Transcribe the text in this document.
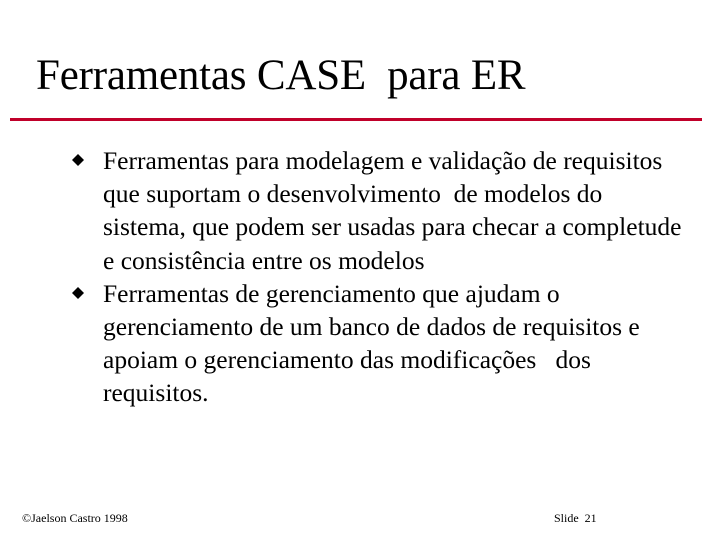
Ferramentas CASE  para ER
Ferramentas para modelagem e validação de requisitos que suportam o desenvolvimento  de modelos do sistema, que podem ser usadas para checar a completude e consistência entre os modelos
Ferramentas de gerenciamento que ajudam o gerenciamento de um banco de dados de requisitos e apoiam o gerenciamento das modificações   dos requisitos.
©Jaelson Castro 1998	Slide  21
